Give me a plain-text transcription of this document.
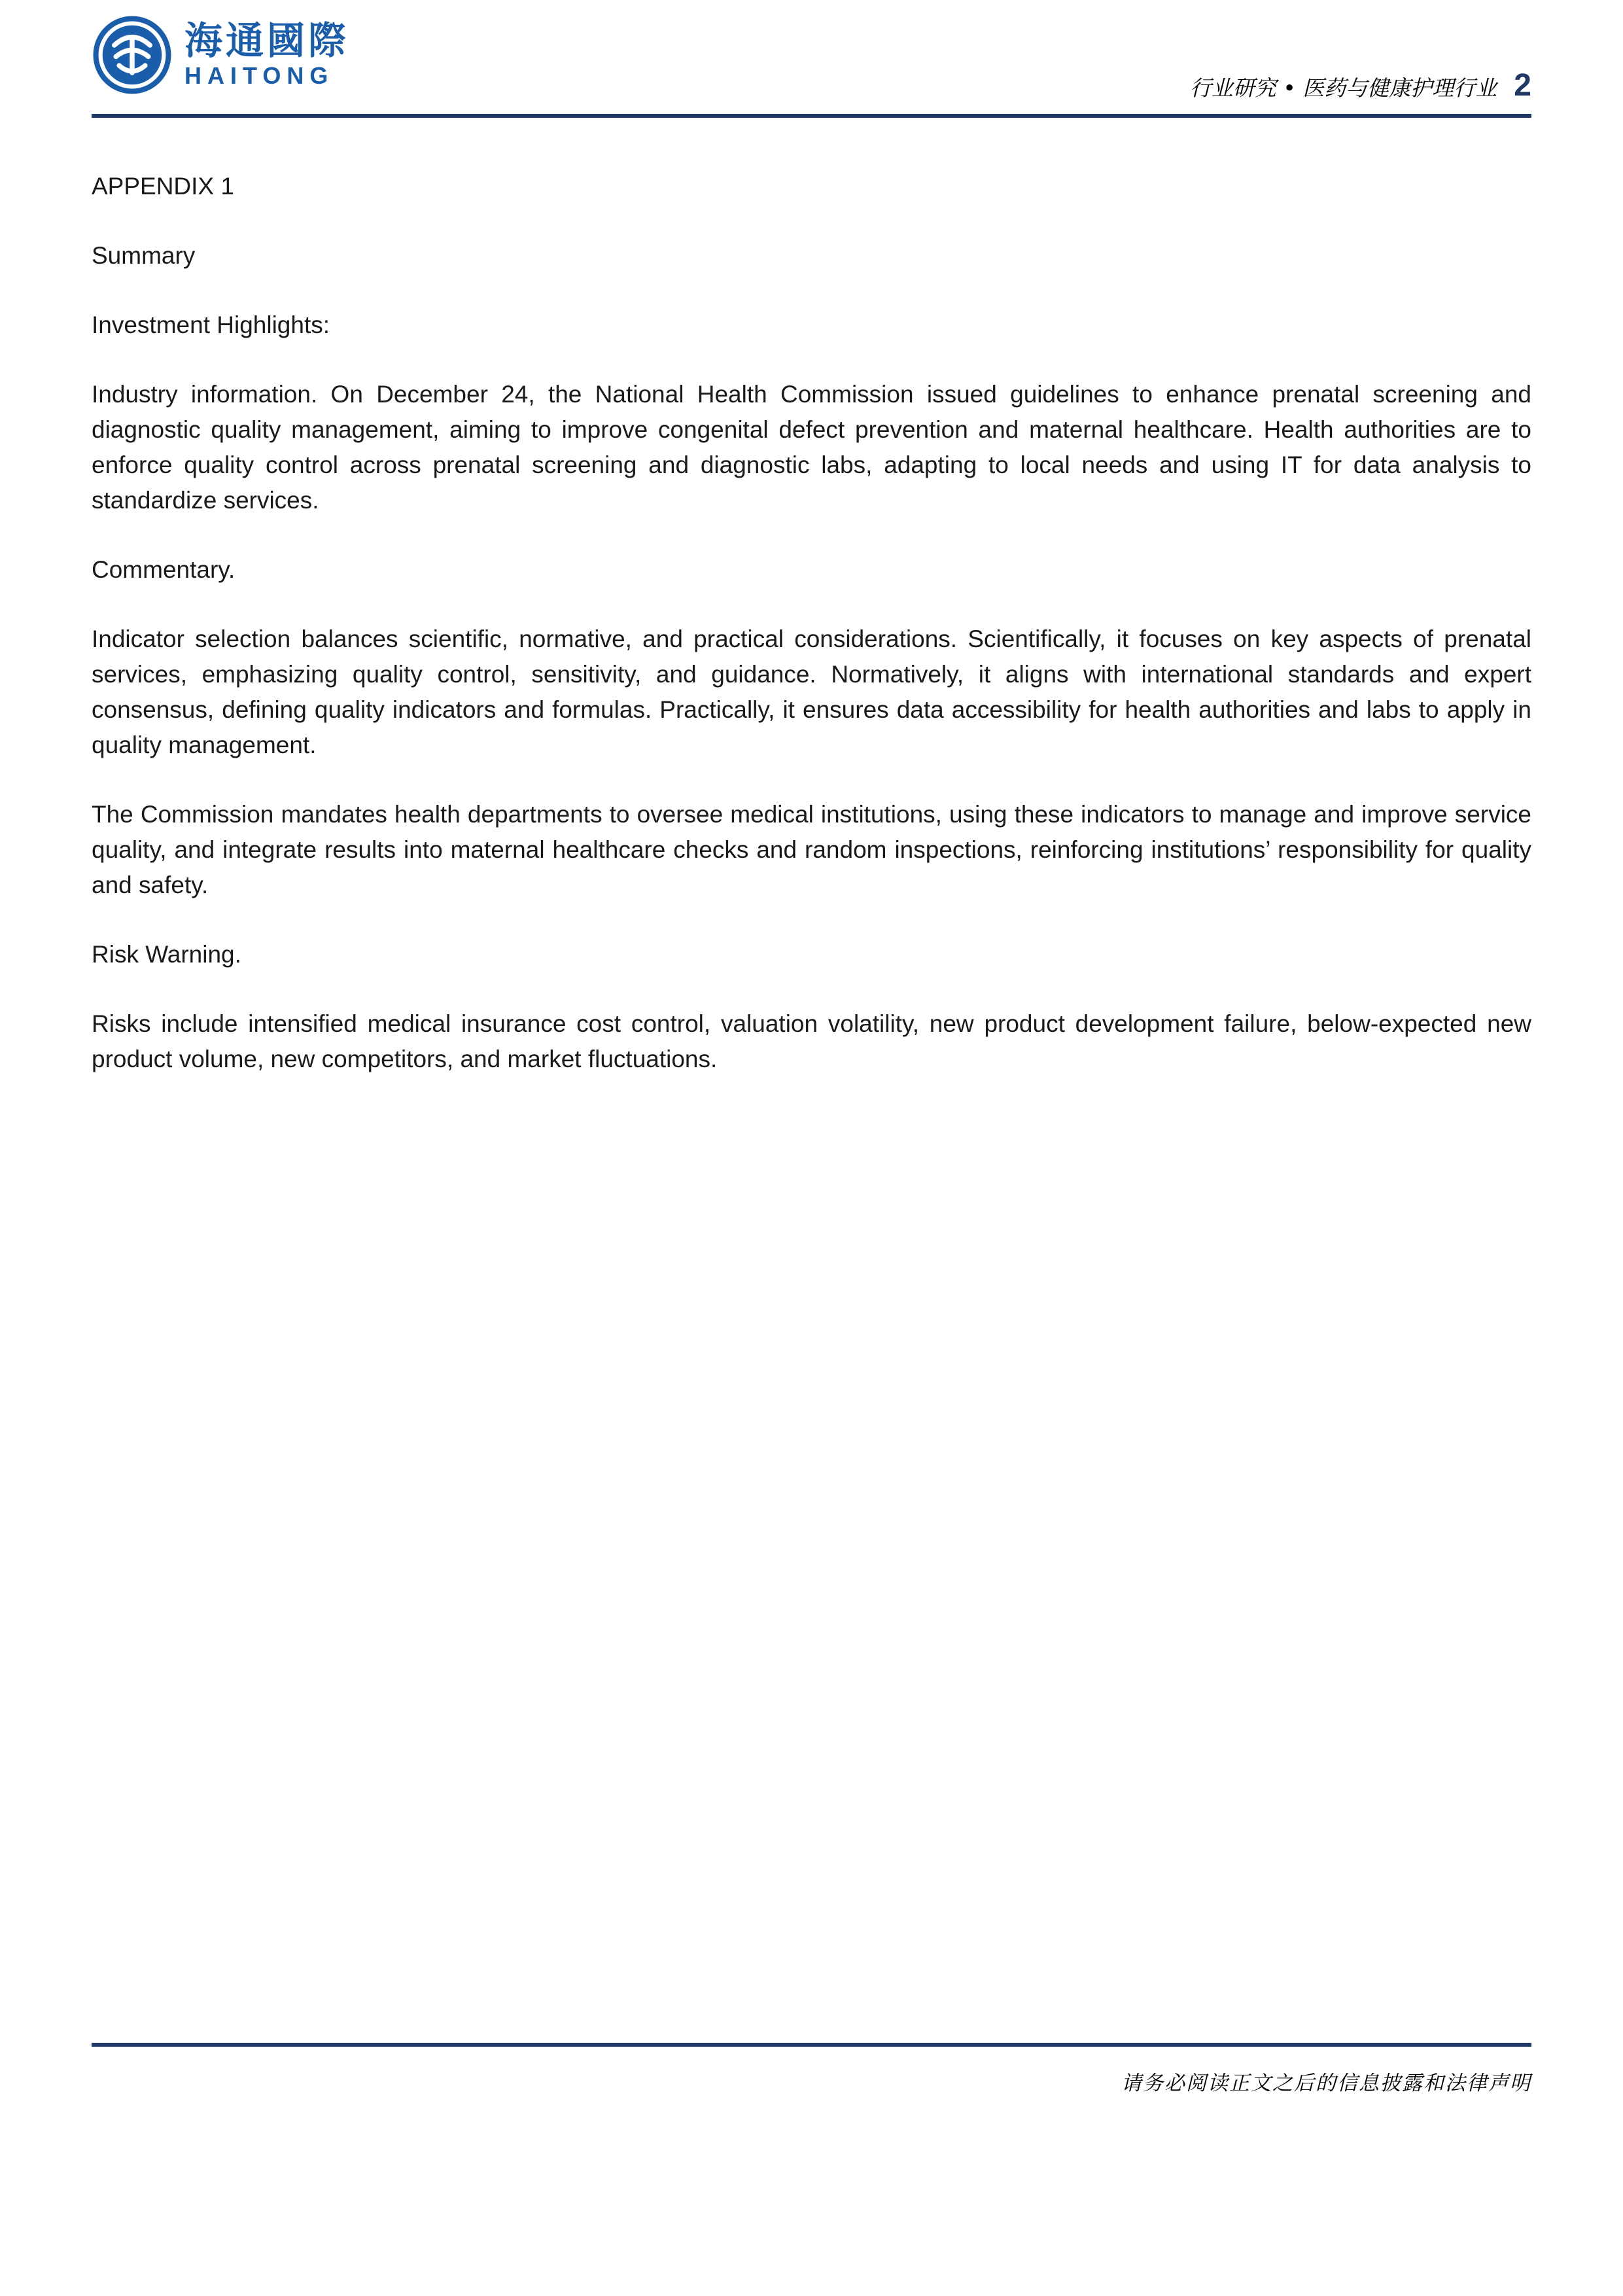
海通國際
HAITONG	行业研究 • 医药与健康护理行业 2
APPENDIX 1
Summary
Investment Highlights:
Industry information. On December 24, the National Health Commission issued guidelines to enhance prenatal screening and diagnostic quality management, aiming to improve congenital defect prevention and maternal healthcare. Health authorities are to enforce quality control across prenatal screening and diagnostic labs, adapting to local needs and using IT for data analysis to standardize services.
Commentary.
Indicator selection balances scientific, normative, and practical considerations. Scientifically, it focuses on key aspects of prenatal services, emphasizing quality control, sensitivity, and guidance. Normatively, it aligns with international standards and expert consensus, defining quality indicators and formulas. Practically, it ensures data accessibility for health authorities and labs to apply in quality management.
The Commission mandates health departments to oversee medical institutions, using these indicators to manage and improve service quality, and integrate results into maternal healthcare checks and random inspections, reinforcing institutions’ responsibility for quality and safety.
Risk Warning.
Risks include intensified medical insurance cost control, valuation volatility, new product development failure, below-expected new product volume, new competitors, and market fluctuations.
请务必阅读正文之后的信息披露和法律声明
